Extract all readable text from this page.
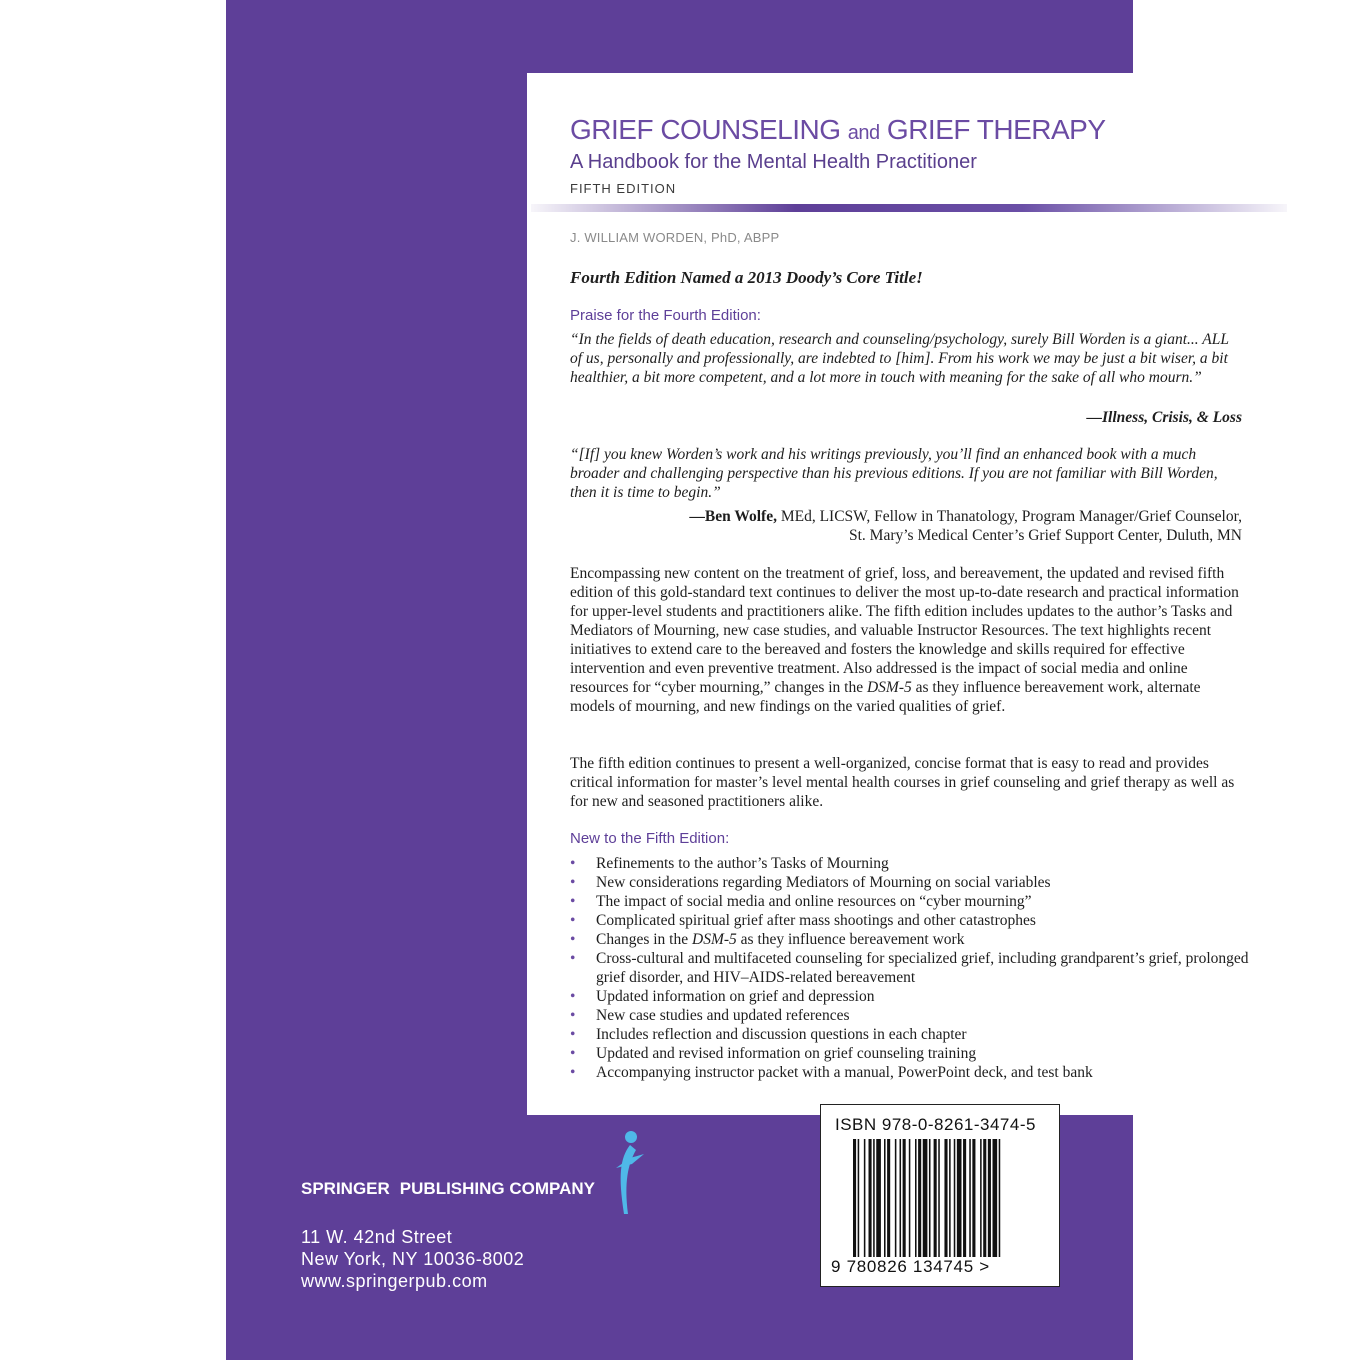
GRIEF COUNSELING and GRIEF THERAPY
A Handbook for the Mental Health Practitioner
FIFTH EDITION
J. WILLIAM WORDEN, PhD, ABPP
Fourth Edition Named a 2013 Doody’s Core Title!
Praise for the Fourth Edition:
“In the fields of death education, research and counseling/psychology, surely Bill Worden is a giant... ALL of us, personally and professionally, are indebted to [him]. From his work we may be just a bit wiser, a bit healthier, a bit more competent, and a lot more in touch with meaning for the sake of all who mourn.”
—Illness, Crisis, & Loss
“[If] you knew Worden’s work and his writings previously, you’ll find an enhanced book with a much broader and challenging perspective than his previous editions. If you are not familiar with Bill Worden, then it is time to begin.”
—Ben Wolfe, MEd, LICSW, Fellow in Thanatology, Program Manager/Grief Counselor,
St. Mary’s Medical Center’s Grief Support Center, Duluth, MN
Encompassing new content on the treatment of grief, loss, and bereavement, the updated and revised fifth edition of this gold-standard text continues to deliver the most up-to-date research and practical information for upper-level students and practitioners alike. The fifth edition includes updates to the author’s Tasks and Mediators of Mourning, new case studies, and valuable Instructor Resources. The text highlights recent initiatives to extend care to the bereaved and fosters the knowledge and skills required for effective intervention and even preventive treatment. Also addressed is the impact of social media and online resources for “cyber mourning,” changes in the DSM-5 as they influence bereavement work, alternate models of mourning, and new findings on the varied qualities of grief.
The fifth edition continues to present a well-organized, concise format that is easy to read and provides critical information for master’s level mental health courses in grief counseling and grief therapy as well as for new and seasoned practitioners alike.
New to the Fifth Edition:
• Refinements to the author’s Tasks of Mourning
• New considerations regarding Mediators of Mourning on social variables
• The impact of social media and online resources on “cyber mourning”
• Complicated spiritual grief after mass shootings and other catastrophes
• Changes in the DSM-5 as they influence bereavement work
• Cross-cultural and multifaceted counseling for specialized grief, including grandparent’s grief, prolonged grief disorder, and HIV–AIDS-related bereavement
• Updated information on grief and depression
• New case studies and updated references
• Includes reflection and discussion questions in each chapter
• Updated and revised information on grief counseling training
• Accompanying instructor packet with a manual, PowerPoint deck, and test bank
SPRINGER PUBLISHING COMPANY
11 W. 42nd Street
New York, NY 10036-8002
www.springerpub.com
ISBN 978-0-8261-3474-5
9 780826 134745 >
